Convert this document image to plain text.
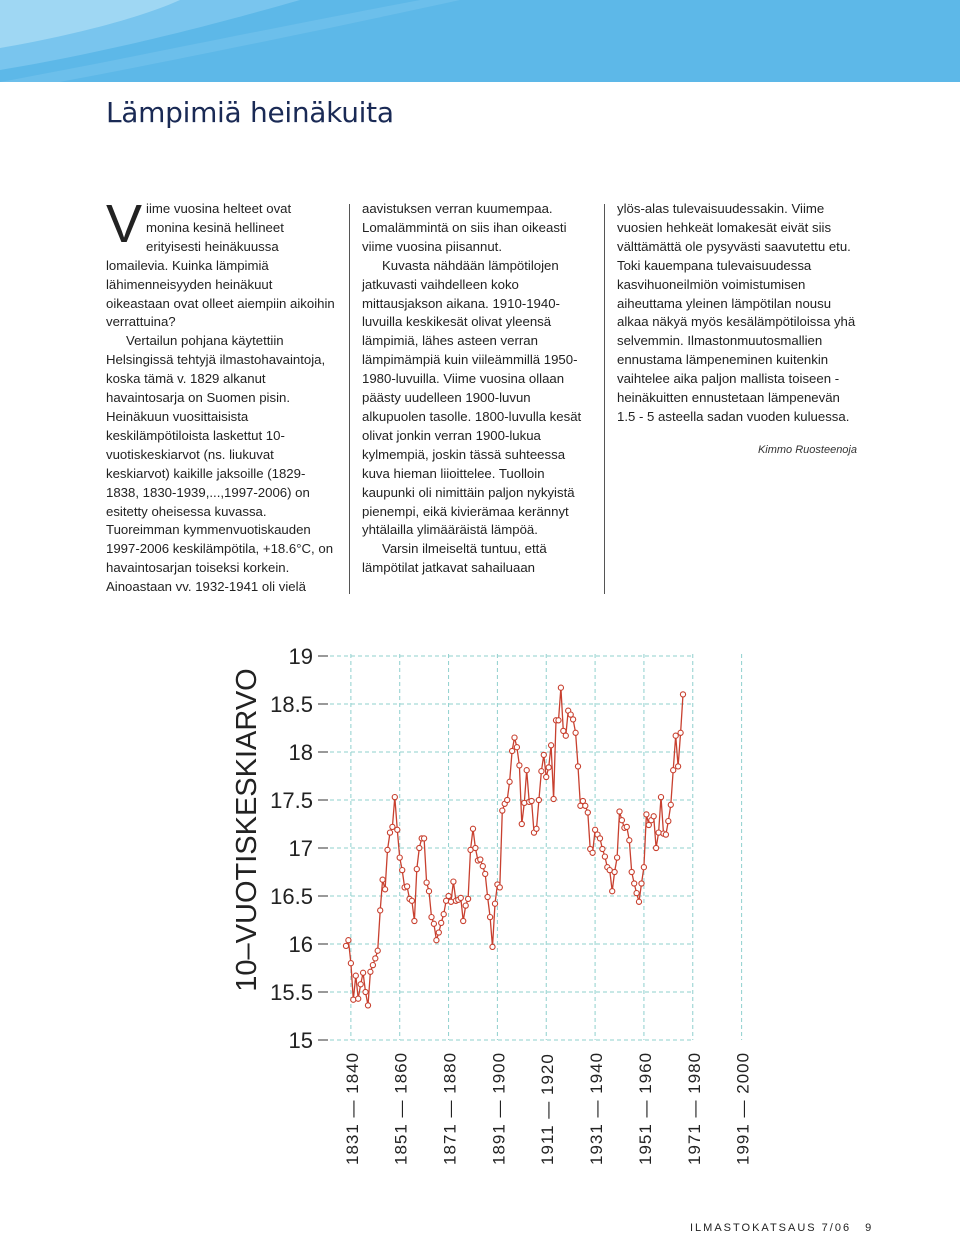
Lämpimiä heinäkuita

Viime vuosina helteet ovat monina kesinä hellineet erityisesti heinäkuussa lomailevia. Kuinka lämpimiä lähimenneisyyden heinäkuut oikeastaan ovat olleet aiempiin aikoihin verrattuina?

Vertailun pohjana käytettiin Helsingissä tehtyjä ilmastohavaintoja, koska tämä v. 1829 alkanut havaintosarja on Suomen pisin. Heinäkuun vuosittaisista keskilämpötiloista laskettut 10-vuotiskeskiarvot (ns. liukuvat keskiarvot) kaikille jaksoille (1829-1838, 1830-1939,...,1997-2006) on esitetty oheisessa kuvassa. Tuoreimman kymmenvuotiskauden 1997-2006 keskilämpötila, +18.6°C, on havaintosarjan toiseksi korkein. Ainoastaan vv. 1932-1941 oli vielä

aavistuksen verran kuumempaa. Lomalämmintä on siis ihan oikeasti viime vuosina piisannut.

Kuvasta nähdään lämpötilojen jatkuvasti vaihdelleen koko mittausjakson aikana. 1910-1940-luvuilla keskikesät olivat yleensä lämpimiä, lähes asteen verran lämpimämpiä kuin viileämmillä 1950-1980-luvuilla. Viime vuosina ollaan päästy uudelleen 1900-luvun alkupuolen tasolle. 1800-luvulla kesät olivat jonkin verran 1900-lukua kylmempiä, joskin tässä suhteessa kuva hieman liioittelee. Tuolloin kaupunki oli nimittäin paljon nykyistä pienempi, eikä kivierämaa kerännyt yhtälailla ylimääräistä lämpöä.

Varsin ilmeiseltä tuntuu, että lämpötilat jatkavat sahailuaan

ylös-alas tulevaisuudessakin. Viime vuosien hehkeät lomakesät eivät siis välttämättä ole pysyvästi saavutettu etu. Toki kauempana tulevaisuudessa kasvihuoneilmiön voimistumisen aiheuttama yleinen lämpötilan nousu alkaa näkyä myös kesälämpötiloissa yhä selvemmin. Ilmastonmuutosmallien ennustama lämpeneminen kuitenkin vaihtelee aika paljon mallista toiseen - heinäkuitten ennustetaan lämpenevän 1.5 - 5 asteella sadan vuoden kuluessa.

Kimmo Ruosteenoja

19
18.5
18
17.5
17
16.5
16
15.5
15
1831 — 1840 1851 — 1860 1871 — 1880 1891 — 1900 1911 — 1920 1931 — 1940 1951 — 1960 1971 — 1980 1991 — 2000
10–VUOTISKESKIARVO
ILMASTOKATSAUS 7/06 9
